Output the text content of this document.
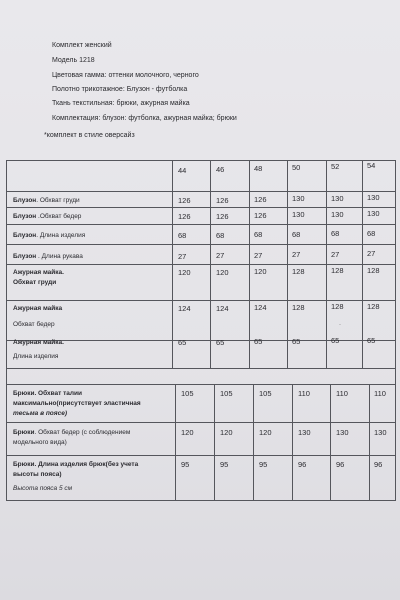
Комплект женский
Модель 1218
Цветовая гамма: оттенки молочного, черного
Полотно трикотажное: Блузон - футболка
Ткань текстильная: брюки, ажурная майка
Комплектация: блузон: футболка, ажурная майка; брюки
*комплект в стиле оверсайз
44	46	48	50	52	54
Блузон. Обхват груди	126	126	126	130	130	130
Блузон .Обхват бедер	126	126	126	130	130	130
Блузон. Длина изделия	68	68	68	68	68	68
Блузон . Длина рукава	27	27	27	27	27	27
Ажурная майка.
Обхват груди
120	120	120	128	128	128
Ажурная майка
Обхват бедер
124	124	124	128	128	128
·
Ажурная майка.
Длина изделия
65	65	65	65	65	65
Брюки. Обхват талии
максимально(присутствует эластичная
тесьма в поясе)
105	105	105	110	110	110
Брюки. Обхват бедер (с соблюдением
модельного вида)
120	120	120	130	130	130
Брюки. Длина изделия брюк(без учета
высоты пояса)
Высота пояса 5 см
95	95	95	96	96	96
